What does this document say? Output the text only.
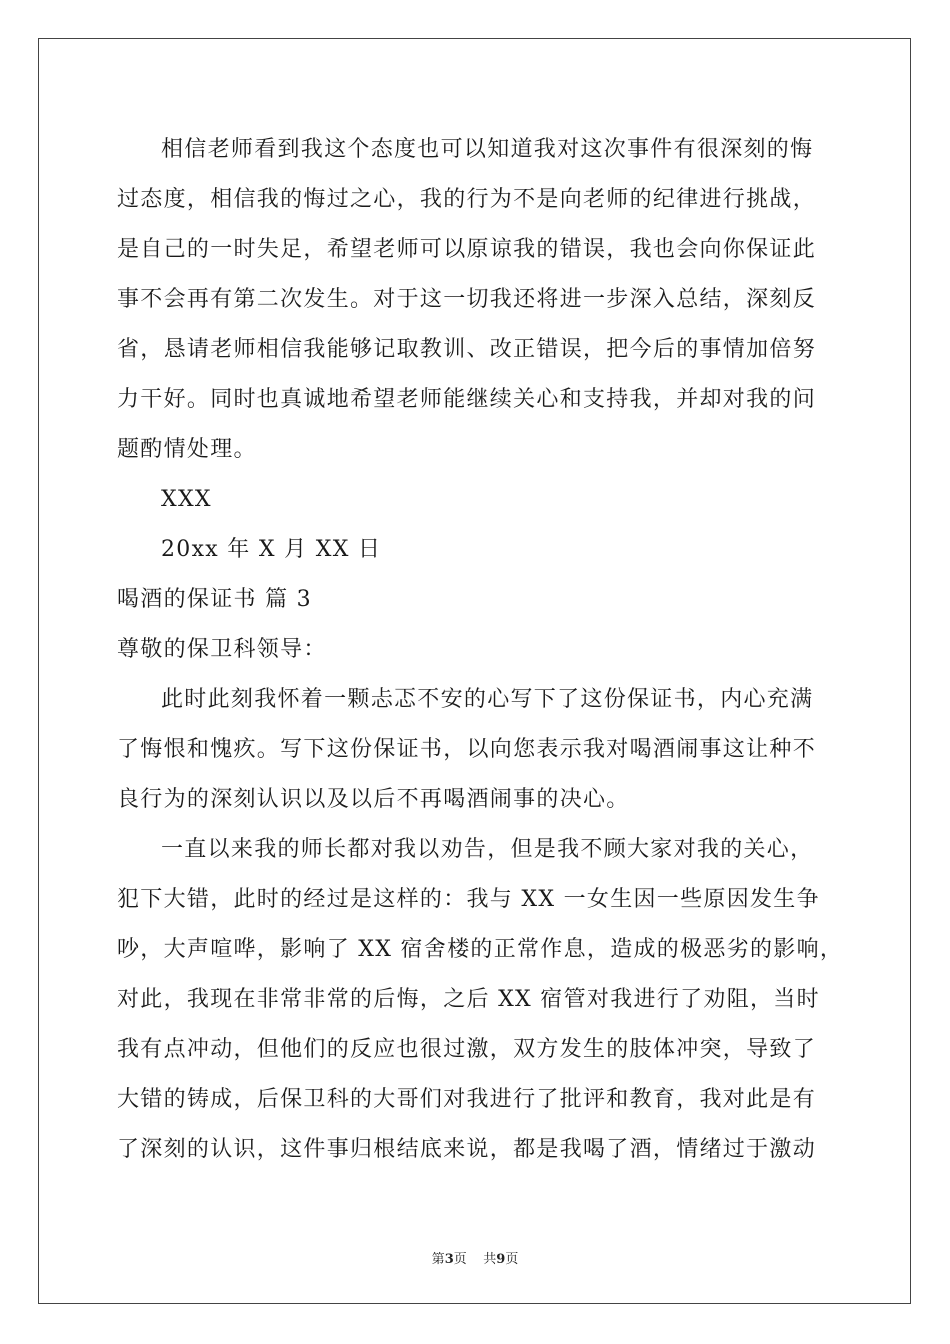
相信老师看到我这个态度也可以知道我对这次事件有很深刻的悔

过态度，相信我的悔过之心，我的行为不是向老师的纪律进行挑战，

是自己的一时失足，希望老师可以原谅我的错误，我也会向你保证此

事不会再有第二次发生。对于这一切我还将进一步深入总结，深刻反

省，恳请老师相信我能够记取教训、改正错误，把今后的事情加倍努

力干好。同时也真诚地希望老师能继续关心和支持我，并却对我的问

题酌情处理。

XXX

20xx 年 X 月 XX 日

喝酒的保证书 篇 3

尊敬的保卫科领导：

此时此刻我怀着一颗忐忑不安的心写下了这份保证书，内心充满

了悔恨和愧疚。写下这份保证书，以向您表示我对喝酒闹事这让种不

良行为的深刻认识以及以后不再喝酒闹事的决心。

一直以来我的师长都对我以劝告，但是我不顾大家对我的关心，

犯下大错，此时的经过是这样的：我与 XX 一女生因一些原因发生争

吵，大声喧哗，影响了 XX 宿舍楼的正常作息，造成的极恶劣的影响，

对此，我现在非常非常的后悔，之后 XX 宿管对我进行了劝阻，当时

我有点冲动，但他们的反应也很过激，双方发生的肢体冲突，导致了

大错的铸成，后保卫科的大哥们对我进行了批评和教育，我对此是有

了深刻的认识，这件事归根结底来说，都是我喝了酒，情绪过于激动

第3页    共9页
